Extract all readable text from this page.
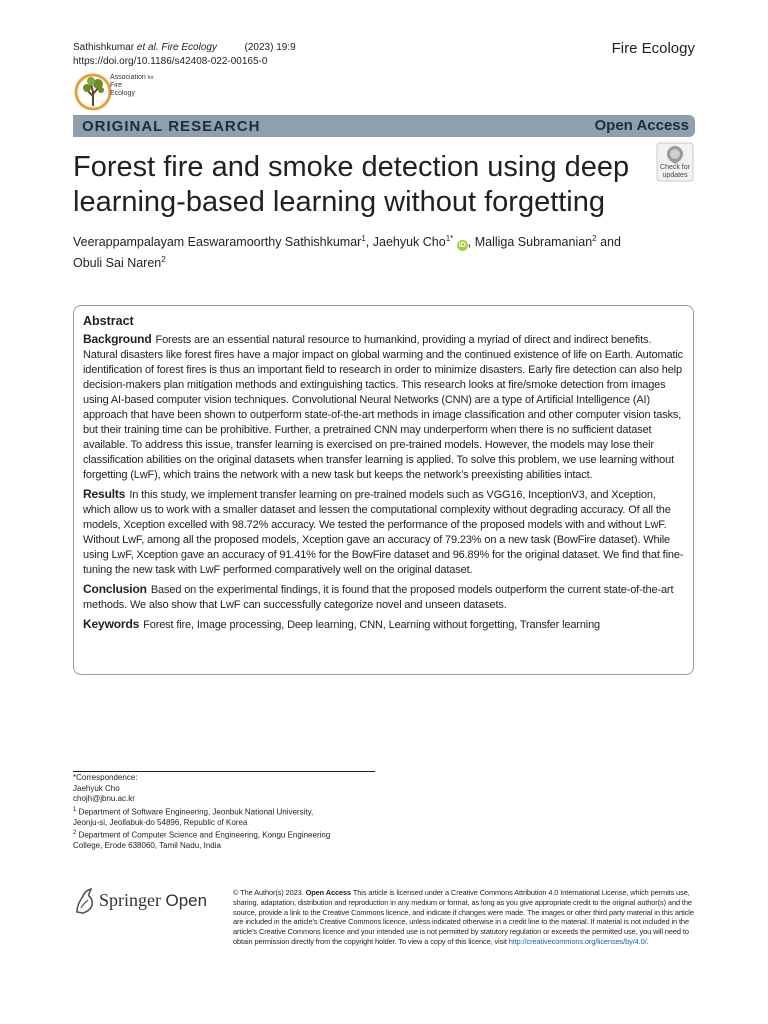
Sathishkumar et al. Fire Ecology	(2023) 19:9
https://doi.org/10.1186/s42408-022-00165-0
Fire Ecology
Association for
Fire
Ecology
ORIGINAL RESEARCH	Open Access
Check for
updates
Forest fire and smoke detection using deep learning-based learning without forgetting
Veerappampalayam Easwaramoorthy Sathishkumar$^1$, Jaehyuk Cho$^{1*}$ iD , Malliga Subramanian$^2$ and
Obuli Sai Naren$^2$
Abstract

Background Forests are an essential natural resource to humankind, providing a myriad of direct and indirect benefits. Natural disasters like forest fires have a major impact on global warming and the continued existence of life on Earth. Automatic identification of forest fires is thus an important field to research in order to minimize disasters. Early fire detection can also help decision-makers plan mitigation methods and extinguishing tactics. This research looks at fire/smoke detection from images using AI-based computer vision techniques. Convolutional Neural Networks (CNN) are a type of Artificial Intelligence (AI) approach that have been shown to outperform state-of-the-art methods in image classification and other computer vision tasks, but their training time can be prohibitive. Further, a pretrained CNN may underperform when there is no sufficient dataset available. To address this issue, transfer learning is exercised on pre-trained models. However, the models may lose their classification abilities on the original datasets when transfer learning is applied. To solve this problem, we use learning without forgetting (LwF), which trains the network with a new task but keeps the network’s preexisting abilities intact.

Results In this study, we implement transfer learning on pre-trained models such as VGG16, InceptionV3, and Xception, which allow us to work with a smaller dataset and lessen the computational complexity without degrading accuracy. Of all the models, Xception excelled with 98.72% accuracy. We tested the performance of the proposed models with and without LwF. Without LwF, among all the proposed models, Xception gave an accuracy of 79.23% on a new task (BowFire dataset). While using LwF, Xception gave an accuracy of 91.41% for the BowFire dataset and 96.89% for the original dataset. We find that fine-tuning the new task with LwF performed comparatively well on the original dataset.

Conclusion Based on the experimental findings, it is found that the proposed models outperform the current state-of-the-art methods. We also show that LwF can successfully categorize novel and unseen datasets.

Keywords Forest fire, Image processing, Deep learning, CNN, Learning without forgetting, Transfer learning

*Correspondence:
Jaehyuk Cho
chojh@jbnu.ac.kr
$^1$ Department of Software Engineering, Jeonbuk National University,
Jeonju-si, Jeollabuk-do 54896, Republic of Korea
$^2$ Department of Computer Science and Engineering, Kongu Engineering
College, Erode 638060, Tamil Nadu, India
Springer Open	© The Author(s) 2023. Open Access This article is licensed under a Creative Commons Attribution 4.0 International License, which permits use, sharing, adaptation, distribution and reproduction in any medium or format, as long as you give appropriate credit to the original author(s) and the source, provide a link to the Creative Commons licence, and indicate if changes were made. The images or other third party material in this article are included in the article’s Creative Commons licence, unless indicated otherwise in a credit line to the material. If material is not included in the article’s Creative Commons licence and your intended use is not permitted by statutory regulation or exceeds the permitted use, you will need to obtain permission directly from the copyright holder. To view a copy of this licence, visit http://creativecommons.org/licenses/by/4.0/.
